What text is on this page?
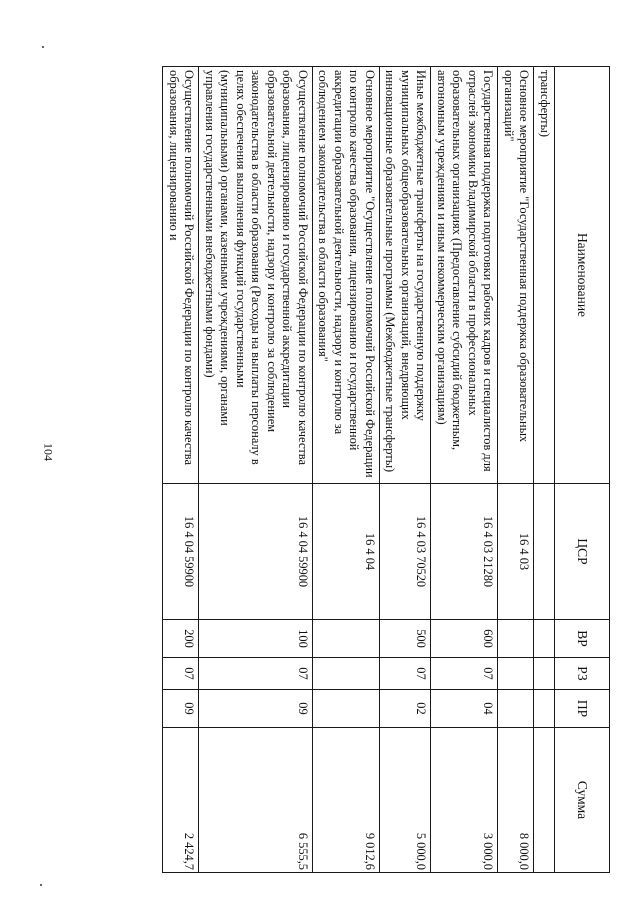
104
Наименование	ЦСР	ВР	РЗ	ПР	Сумма
трансферты)					
Основное мероприятие "Государственная поддержка образовательных организаций"	16 4 03				8 000,0
Государственная поддержка подготовки рабочих кадров и специалистов для отраслей экономики Владимирской области в профессиональных образовательных организациях (Предоставление субсидий бюджетным, автономным учреждениям и иным некоммерческим организациям)	16 4 03 21280	600	07	04	3 000,0
Иные межбюджетные трансферты на государственную поддержку муниципальных общеобразовательных организаций, внедряющих инновационные образовательные программы (Межбюджетные трансферты)	16 4 03 70520	500	07	02	5 000,0
Основное мероприятие "Осуществление полномочий Российской Федерации по контролю качества образования, лицензированию и государственной аккредитации образовательной деятельности, надзору и контролю за соблюдением законодательства в области образования"	16 4 04				9 012,6
Осуществление полномочий Российской Федерации по контролю качества образования, лицензированию и государственной аккредитации образовательной деятельности, надзору и контролю за соблюдением законодательства в области образования (Расходы на выплаты персоналу в целях обеспечения выполнения функций государственными (муниципальными) органами, казенными учреждениями, органами управления государственными внебюджетными фондами)	16 4 04 59900	100	07	09	6 555,5
Осуществление полномочий Российской Федерации по контролю качества образования, лицензированию и	16 4 04 59900	200	07	09	2 424,7
